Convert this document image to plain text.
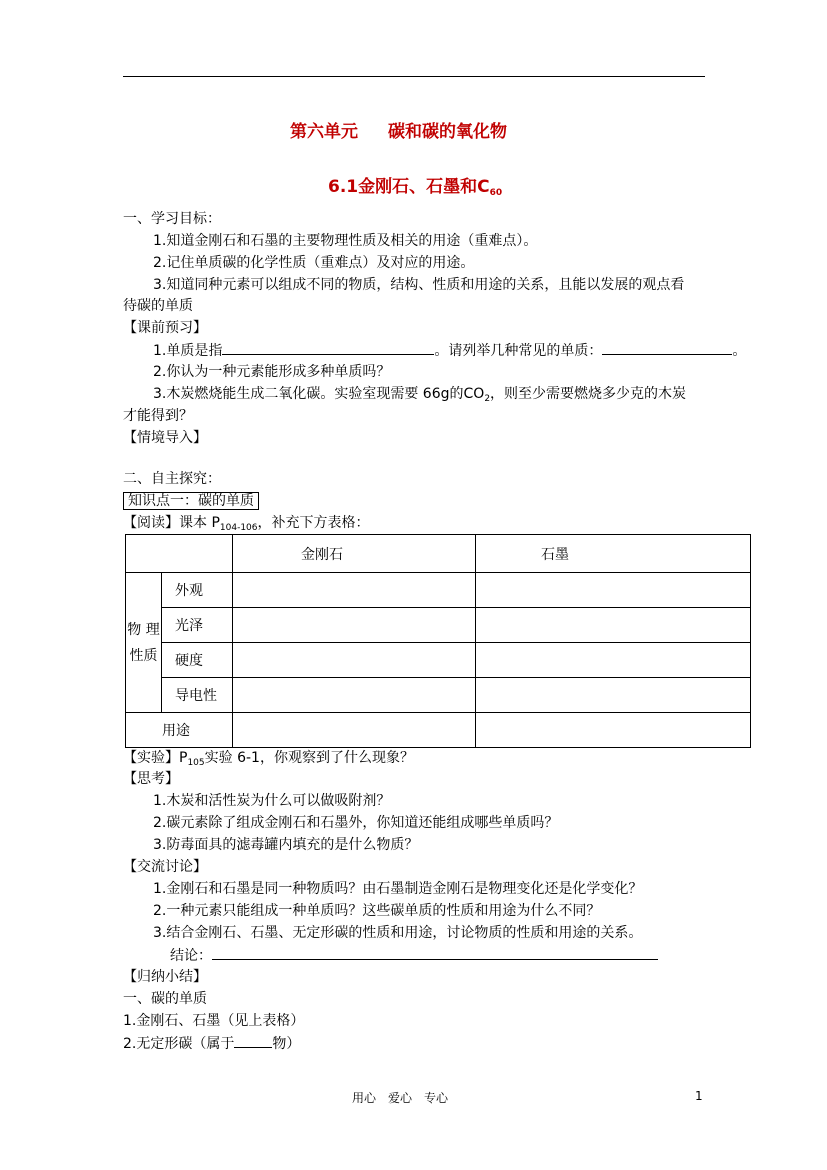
第六单元 碳和碳的氧化物
6.1金刚石、石墨和$C_{60}$
一、学习目标：
1.知道金刚石和石墨的主要物理性质及相关的用途（重难点）。
2.记住单质碳的化学性质（重难点）及对应的用途。
3.知道同种元素可以组成不同的物质，结构、性质和用途的关系，且能以发展的观点看
待碳的单质
【课前预习】
1.单质是指	。请列举几种常见的单质：	。
2.你认为一种元素能形成多种单质吗？
3.木炭燃烧能生成二氧化碳。实验室现需要 66g的$CO_2$，则至少需要燃烧多少克的木炭
才能得到？
【情境导入】
二、自主探究：
知识点一：碳的单质
【阅读】课本 $P_{104-106}$，补充下方表格：
		金刚石	石墨
物 理性质	外观		
	光泽		
	硬度		
	导电性		
用途			
【实验】$P_{105}$实验 6-1，你观察到了什么现象？
【思考】
1.木炭和活性炭为什么可以做吸附剂？
2.碳元素除了组成金刚石和石墨外，你知道还能组成哪些单质吗？
3.防毒面具的滤毒罐内填充的是什么物质？
【交流讨论】
1.金刚石和石墨是同一种物质吗？由石墨制造金刚石是物理变化还是化学变化？
2.一种元素只能组成一种单质吗？这些碳单质的性质和用途为什么不同？
3.结合金刚石、石墨、无定形碳的性质和用途，讨论物质的性质和用途的关系。
结论：
【归纳小结】
一、碳的单质
1.金刚石、石墨（见上表格）
2.无定形碳（属于	物）
用心　爱心　专心	1
